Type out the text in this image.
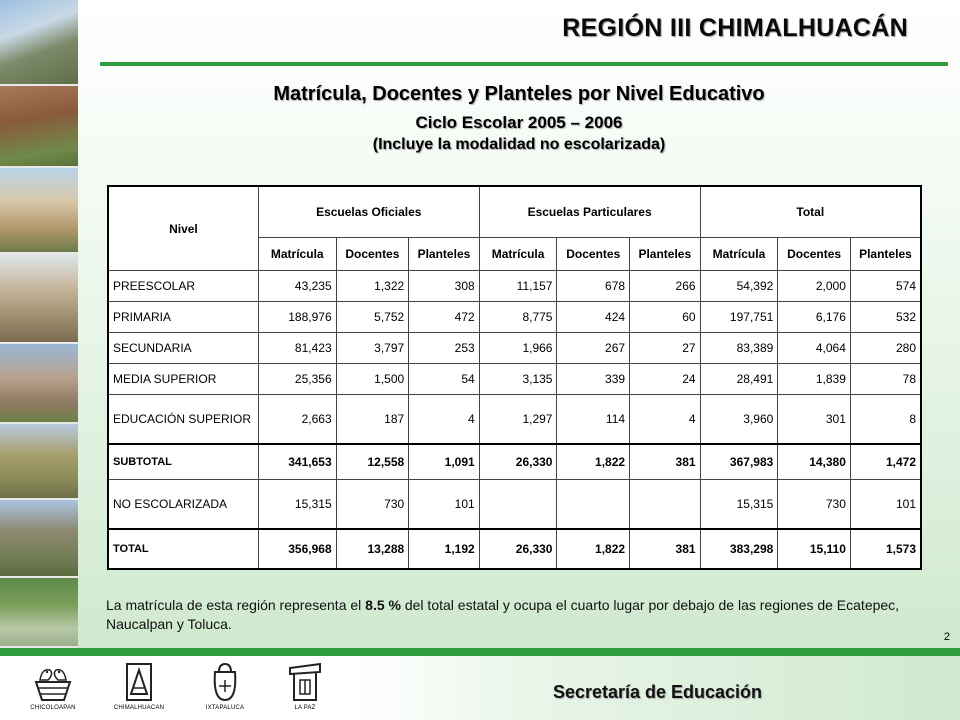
REGIÓN III CHIMALHUACÁN
Matrícula, Docentes y Planteles por Nivel Educativo
Ciclo Escolar 2005 – 2006
(Incluye la modalidad no escolarizada)
Nivel	Escuelas Oficiales			Escuelas Particulares			Total		
	Matrícula	Docentes	Planteles	Matrícula	Docentes	Planteles	Matrícula	Docentes	Planteles
PREESCOLAR	43,235	1,322	308	11,157	678	266	54,392	2,000	574
PRIMARIA	188,976	5,752	472	8,775	424	60	197,751	6,176	532
SECUNDARIA	81,423	3,797	253	1,966	267	27	83,389	4,064	280
MEDIA SUPERIOR	25,356	1,500	54	3,135	339	24	28,491	1,839	78
EDUCACIÓN SUPERIOR	2,663	187	4	1,297	114	4	3,960	301	8
SUBTOTAL	341,653	12,558	1,091	26,330	1,822	381	367,983	14,380	1,472
NO ESCOLARIZADA	15,315	730	101				15,315	730	101
TOTAL	356,968	13,288	1,192	26,330	1,822	381	383,298	15,110	1,573
La matrícula de esta región representa el 8.5 % del total estatal y ocupa el cuarto lugar por debajo de las regiones de Ecatepec, Naucalpan y Toluca.
2
Secretaría de Educación
CHICOLOAPAN	CHIMALHUACAN	IXTAPALUCA	LA PAZ
